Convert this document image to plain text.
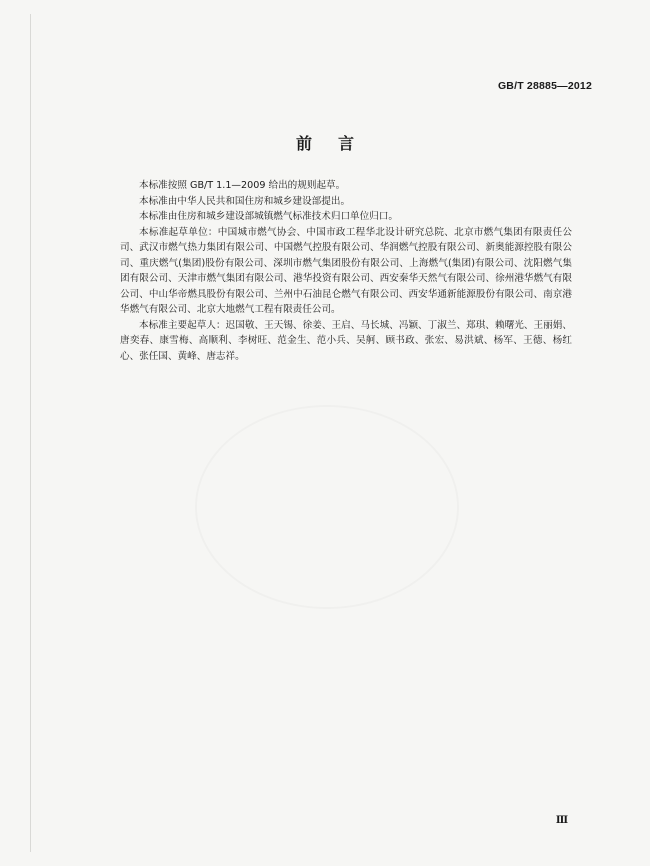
GB/T 28885—2012
前言

本标准按照 GB/T 1.1—2009 给出的规则起草。

本标准由中华人民共和国住房和城乡建设部提出。

本标准由住房和城乡建设部城镇燃气标准技术归口单位归口。

本标准起草单位：中国城市燃气协会、中国市政工程华北设计研究总院、北京市燃气集团有限责任公司、武汉市燃气热力集团有限公司、中国燃气控股有限公司、华润燃气控股有限公司、新奥能源控股有限公司、重庆燃气(集团)股份有限公司、深圳市燃气集团股份有限公司、上海燃气(集团)有限公司、沈阳燃气集团有限公司、天津市燃气集团有限公司、港华投资有限公司、西安秦华天然气有限公司、徐州港华燃气有限公司、中山华帝燃具股份有限公司、兰州中石油昆仑燃气有限公司、西安华通新能源股份有限公司、南京港华燃气有限公司、北京大地燃气工程有限责任公司。

本标准主要起草人：迟国敬、王天锡、徐姜、王启、马长城、冯颖、丁淑兰、郑琪、赖曙光、王丽娟、唐奕春、康雪梅、高顺利、李树旺、范金生、范小兵、吴舸、顾书政、张宏、易洪斌、杨军、王德、杨红心、张任国、黄峰、唐志祥。

Ⅲ
